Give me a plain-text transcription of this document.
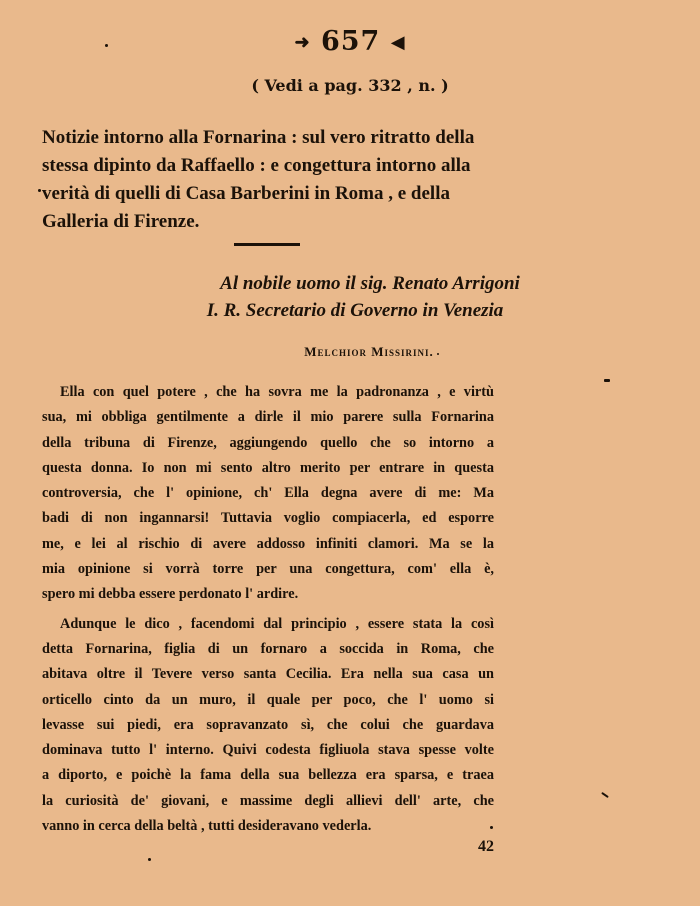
➜ 657 ◀
( Vedi a pag. 332 , n. )
Notizie intorno alla Fornarina : sul vero ritratto della
stessa dipinto da Raffaello : e congettura intorno alla
verità di quelli di Casa Barberini in Roma , e della
Galleria di Firenze.
Al nobile uomo il sig. Renato Arrigoni
I. R. Secretario di Governo in Venezia
Melchior Missirini.
Ella con quel potere , che ha sovra me la padronanza , e virtù
sua, mi obbliga gentilmente a dirle il mio parere sulla Fornarina
della tribuna di Firenze, aggiungendo quello che so intorno a
questa donna. Io non mi sento altro merito per entrare in questa
controversia, che l' opinione, ch' Ella degna avere di me: Ma
badi di non ingannarsi! Tuttavia voglio compiacerla, ed esporre
me, e lei al rischio di avere addosso infiniti clamori. Ma se la
mia opinione si vorrà torre per una congettura, com' ella è,
spero mi debba essere perdonato l' ardire.
Adunque le dico , facendomi dal principio , essere stata la così
detta Fornarina, figlia di un fornaro a soccida in Roma, che
abitava oltre il Tevere verso santa Cecilia. Era nella sua casa un
orticello cinto da un muro, il quale per poco, che l' uomo si
levasse sui piedi, era sopravanzato sì, che colui che guardava
dominava tutto l' interno. Quivi codesta figliuola stava spesse volte
a diporto, e poichè la fama della sua bellezza era sparsa, e traea
la curiosità de' giovani, e massime degli allievi dell' arte, che
vanno in cerca della beltà , tutti desideravano vederla.
42
